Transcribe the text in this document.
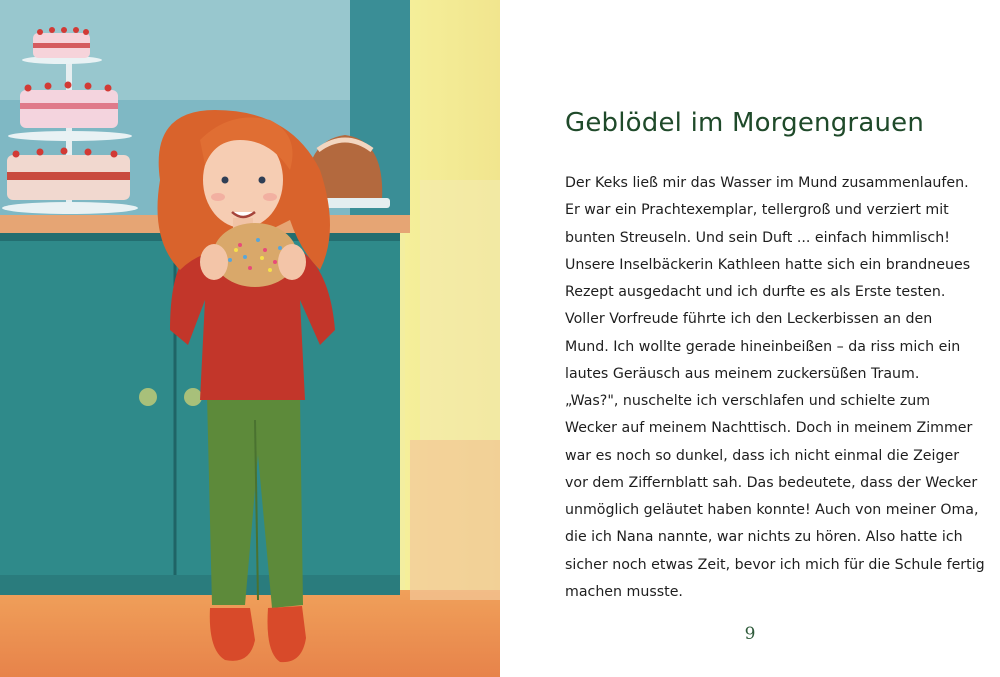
Geblödel im Morgengrauen
Der Keks ließ mir das Wasser im Mund zusammenlaufen.
Er war ein Prachtexemplar, tellergroß und verziert mit
bunten Streuseln. Und sein Duft ... einfach himmlisch!
Unsere Inselbäckerin Kathleen hatte sich ein brandneues
Rezept ausgedacht und ich durfte es als Erste testen.
Voller Vorfreude führte ich den Leckerbissen an den
Mund. Ich wollte gerade hineinbeißen – da riss mich ein
lautes Geräusch aus meinem zuckersüßen Traum.
„Was?", nuschelte ich verschlafen und schielte zum
Wecker auf meinem Nachttisch. Doch in meinem Zimmer
war es noch so dunkel, dass ich nicht einmal die Zeiger
vor dem Ziffernblatt sah. Das bedeutete, dass der Wecker
unmöglich geläutet haben konnte! Auch von meiner Oma,
die ich Nana nannte, war nichts zu hören. Also hatte ich
sicher noch etwas Zeit, bevor ich mich für die Schule fertig
machen musste.
9
